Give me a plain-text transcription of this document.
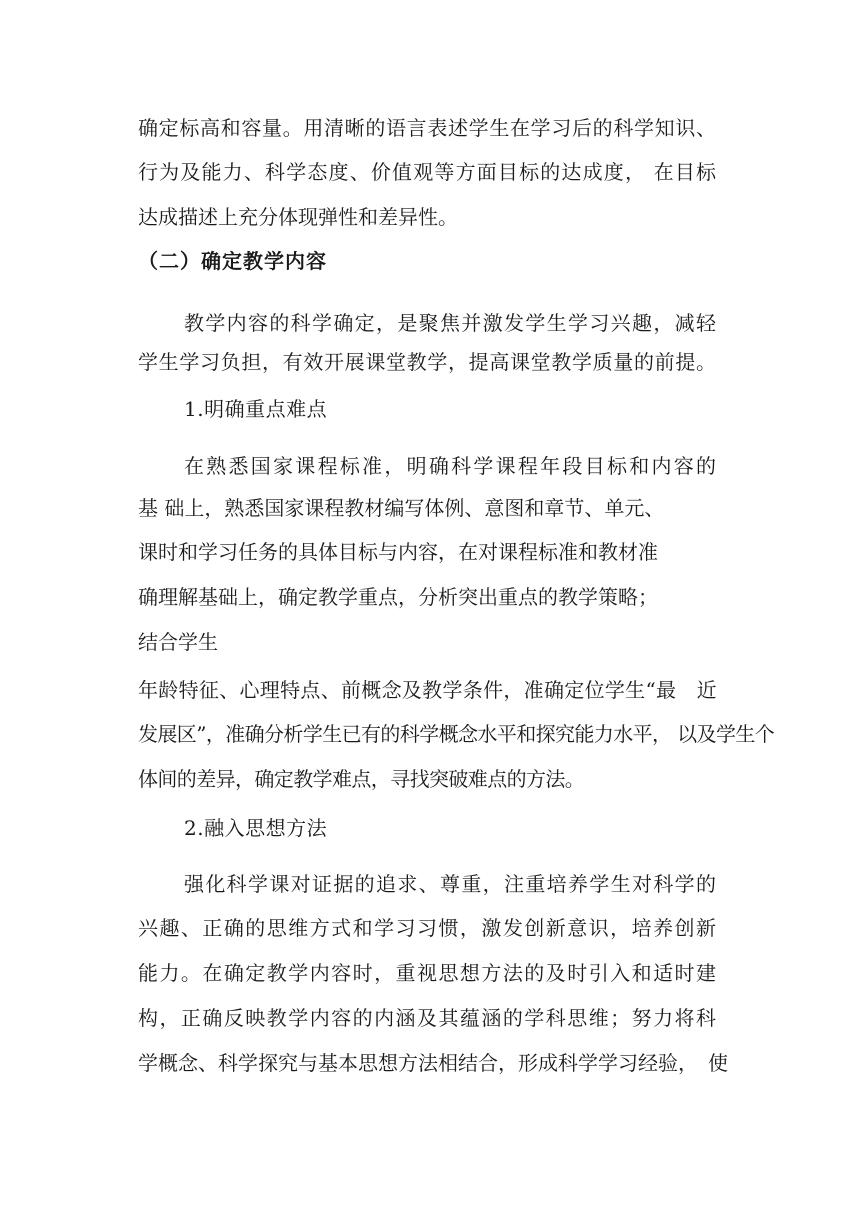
确定标高和容量。用清晰的语言表述学生在学习后的科学知识、

行为及能力、科学态度、价值观等方面目标的达成度， 在目标

达成描述上充分体现弹性和差异性。

（二）确定教学内容

教学内容的科学确定，是聚焦并激发学生学习兴趣，减轻

学生学习负担，有效开展课堂教学，提高课堂教学质量的前提。

1.明确重点难点

在熟悉国家课程标准，明确科学课程年段目标和内容的

基 础上，熟悉国家课程教材编写体例、意图和章节、单元、

课时和学习任务的具体目标与内容，在对课程标准和教材准

确理解基础上，确定教学重点，分析突出重点的教学策略；

结合学生

年龄特征、心理特点、前概念及教学条件，准确定位学生“最　近

发展区”，准确分析学生已有的科学概念水平和探究能力水平， 以及学生个

体间的差异，确定教学难点，寻找突破难点的方法。

2.融入思想方法

强化科学课对证据的追求、尊重，注重培养学生对科学的

兴趣、正确的思维方式和学习习惯，激发创新意识，培养创新

能力。在确定教学内容时，重视思想方法的及时引入和适时建

构，正确反映教学内容的内涵及其蕴涵的学科思维；努力将科

学概念、科学探究与基本思想方法相结合，形成科学学习经验，　使
